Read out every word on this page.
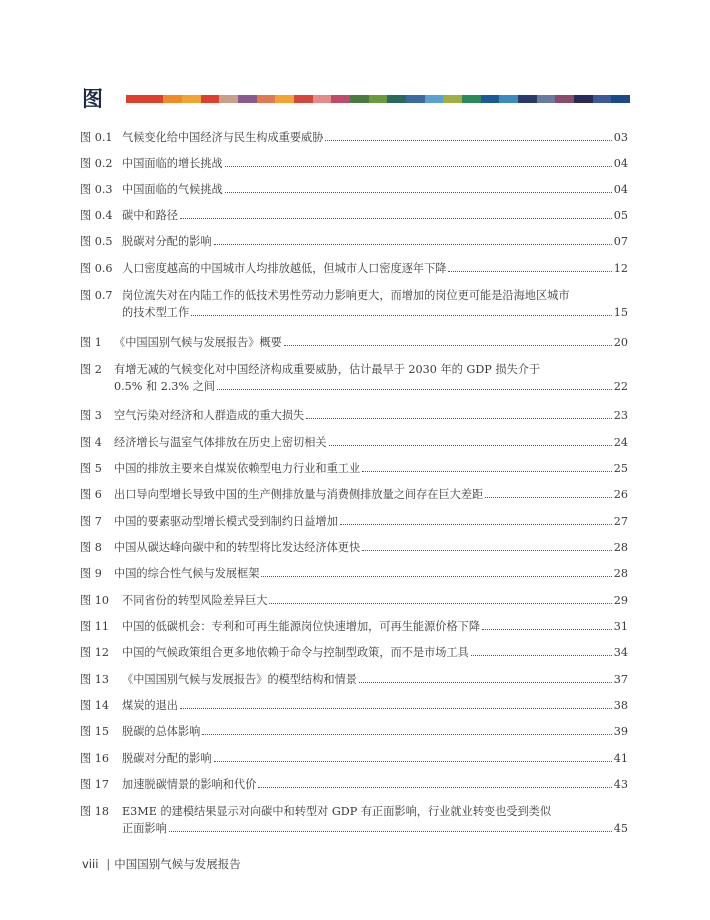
图
图 0.1 气候变化给中国经济与民生构成重要威胁	03
图 0.2 中国面临的增长挑战	04
图 0.3 中国面临的气候挑战	04
图 0.4 碳中和路径	05
图 0.5 脱碳对分配的影响	07
图 0.6 人口密度越高的中国城市人均排放越低，但城市人口密度逐年下降	12
图 0.7 岗位流失对在内陆工作的低技术男性劳动力影响更大，而增加的岗位更可能是沿海地区城市
的技术型工作	15
图 1	《中国国别气候与发展报告》概要	20
图 2	有增无减的气候变化对中国经济构成重要威胁，估计最早于 2030 年的 GDP 损失介于
0.5% 和 2.3% 之间	22
图 3	空气污染对经济和人群造成的重大损失	23
图 4	经济增长与温室气体排放在历史上密切相关	24
图 5	中国的排放主要来自煤炭依赖型电力行业和重工业	25
图 6	出口导向型增长导致中国的生产侧排放量与消费侧排放量之间存在巨大差距	26
图 7	中国的要素驱动型增长模式受到制约日益增加	27
图 8	中国从碳达峰向碳中和的转型将比发达经济体更快	28
图 9	中国的综合性气候与发展框架	28
图 10	不同省份的转型风险差异巨大	29
图 11	中国的低碳机会：专利和可再生能源岗位快速增加，可再生能源价格下降	31
图 12	中国的气候政策组合更多地依赖于命令与控制型政策，而不是市场工具	34
图 13	《中国国别气候与发展报告》的模型结构和情景	37
图 14	煤炭的退出	38
图 15	脱碳的总体影响	39
图 16	脱碳对分配的影响	41
图 17	加速脱碳情景的影响和代价	43
图 18	E3ME 的建模结果显示对向碳中和转型对 GDP 有正面影响，行业就业转变也受到类似
正面影响	45
viii | 中国国别气候与发展报告
